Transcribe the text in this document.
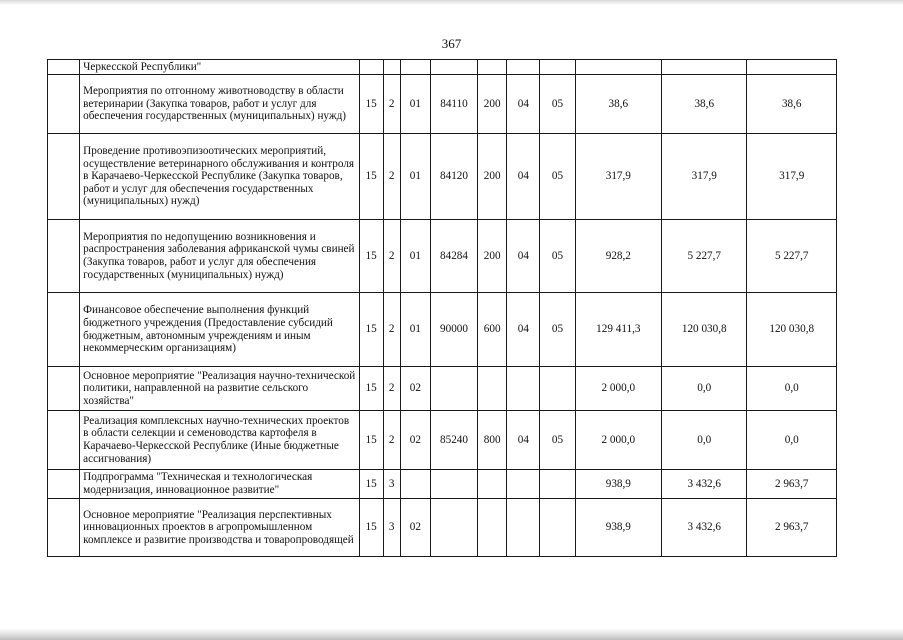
367
	Черкесской Республики"										
	Мероприятия по отгонному животноводству в области ветеринарии (Закупка товаров, работ и услуг для обеспечения государственных (муниципальных) нужд)	15	2	01	84110	200	04	05	38,6	38,6	38,6
	Проведение противоэпизоотических мероприятий, осуществление ветеринарного обслуживания и контроля в Карачаево-Черкесской Республике (Закупка товаров, работ и услуг для обеспечения государственных (муниципальных) нужд)	15	2	01	84120	200	04	05	317,9	317,9	317,9
	Мероприятия по недопущению возникновения и распространения заболевания африканской чумы свиней (Закупка товаров, работ и услуг для обеспечения государственных (муниципальных) нужд)	15	2	01	84284	200	04	05	928,2	5 227,7	5 227,7
	Финансовое обеспечение выполнения функций бюджетного учреждения (Предоставление субсидий бюджетным, автономным учреждениям и иным некоммерческим организациям)	15	2	01	90000	600	04	05	129 411,3	120 030,8	120 030,8
	Основное мероприятие "Реализация научно-технической политики, направленной на развитие сельского хозяйства"	15	2	02					2 000,0	0,0	0,0
	Реализация комплексных научно-технических проектов в области селекции и семеноводства картофеля в Карачаево-Черкесской Республике (Иные бюджетные ассигнования)	15	2	02	85240	800	04	05	2 000,0	0,0	0,0
	Подпрограмма "Техническая и технологическая модернизация, инновационное развитие"	15	3						938,9	3 432,6	2 963,7
	Основное мероприятие "Реализация перспективных инновационных проектов в агропромышленном комплексе и развитие производства и товаропроводящей	15	3	02					938,9	3 432,6	2 963,7
